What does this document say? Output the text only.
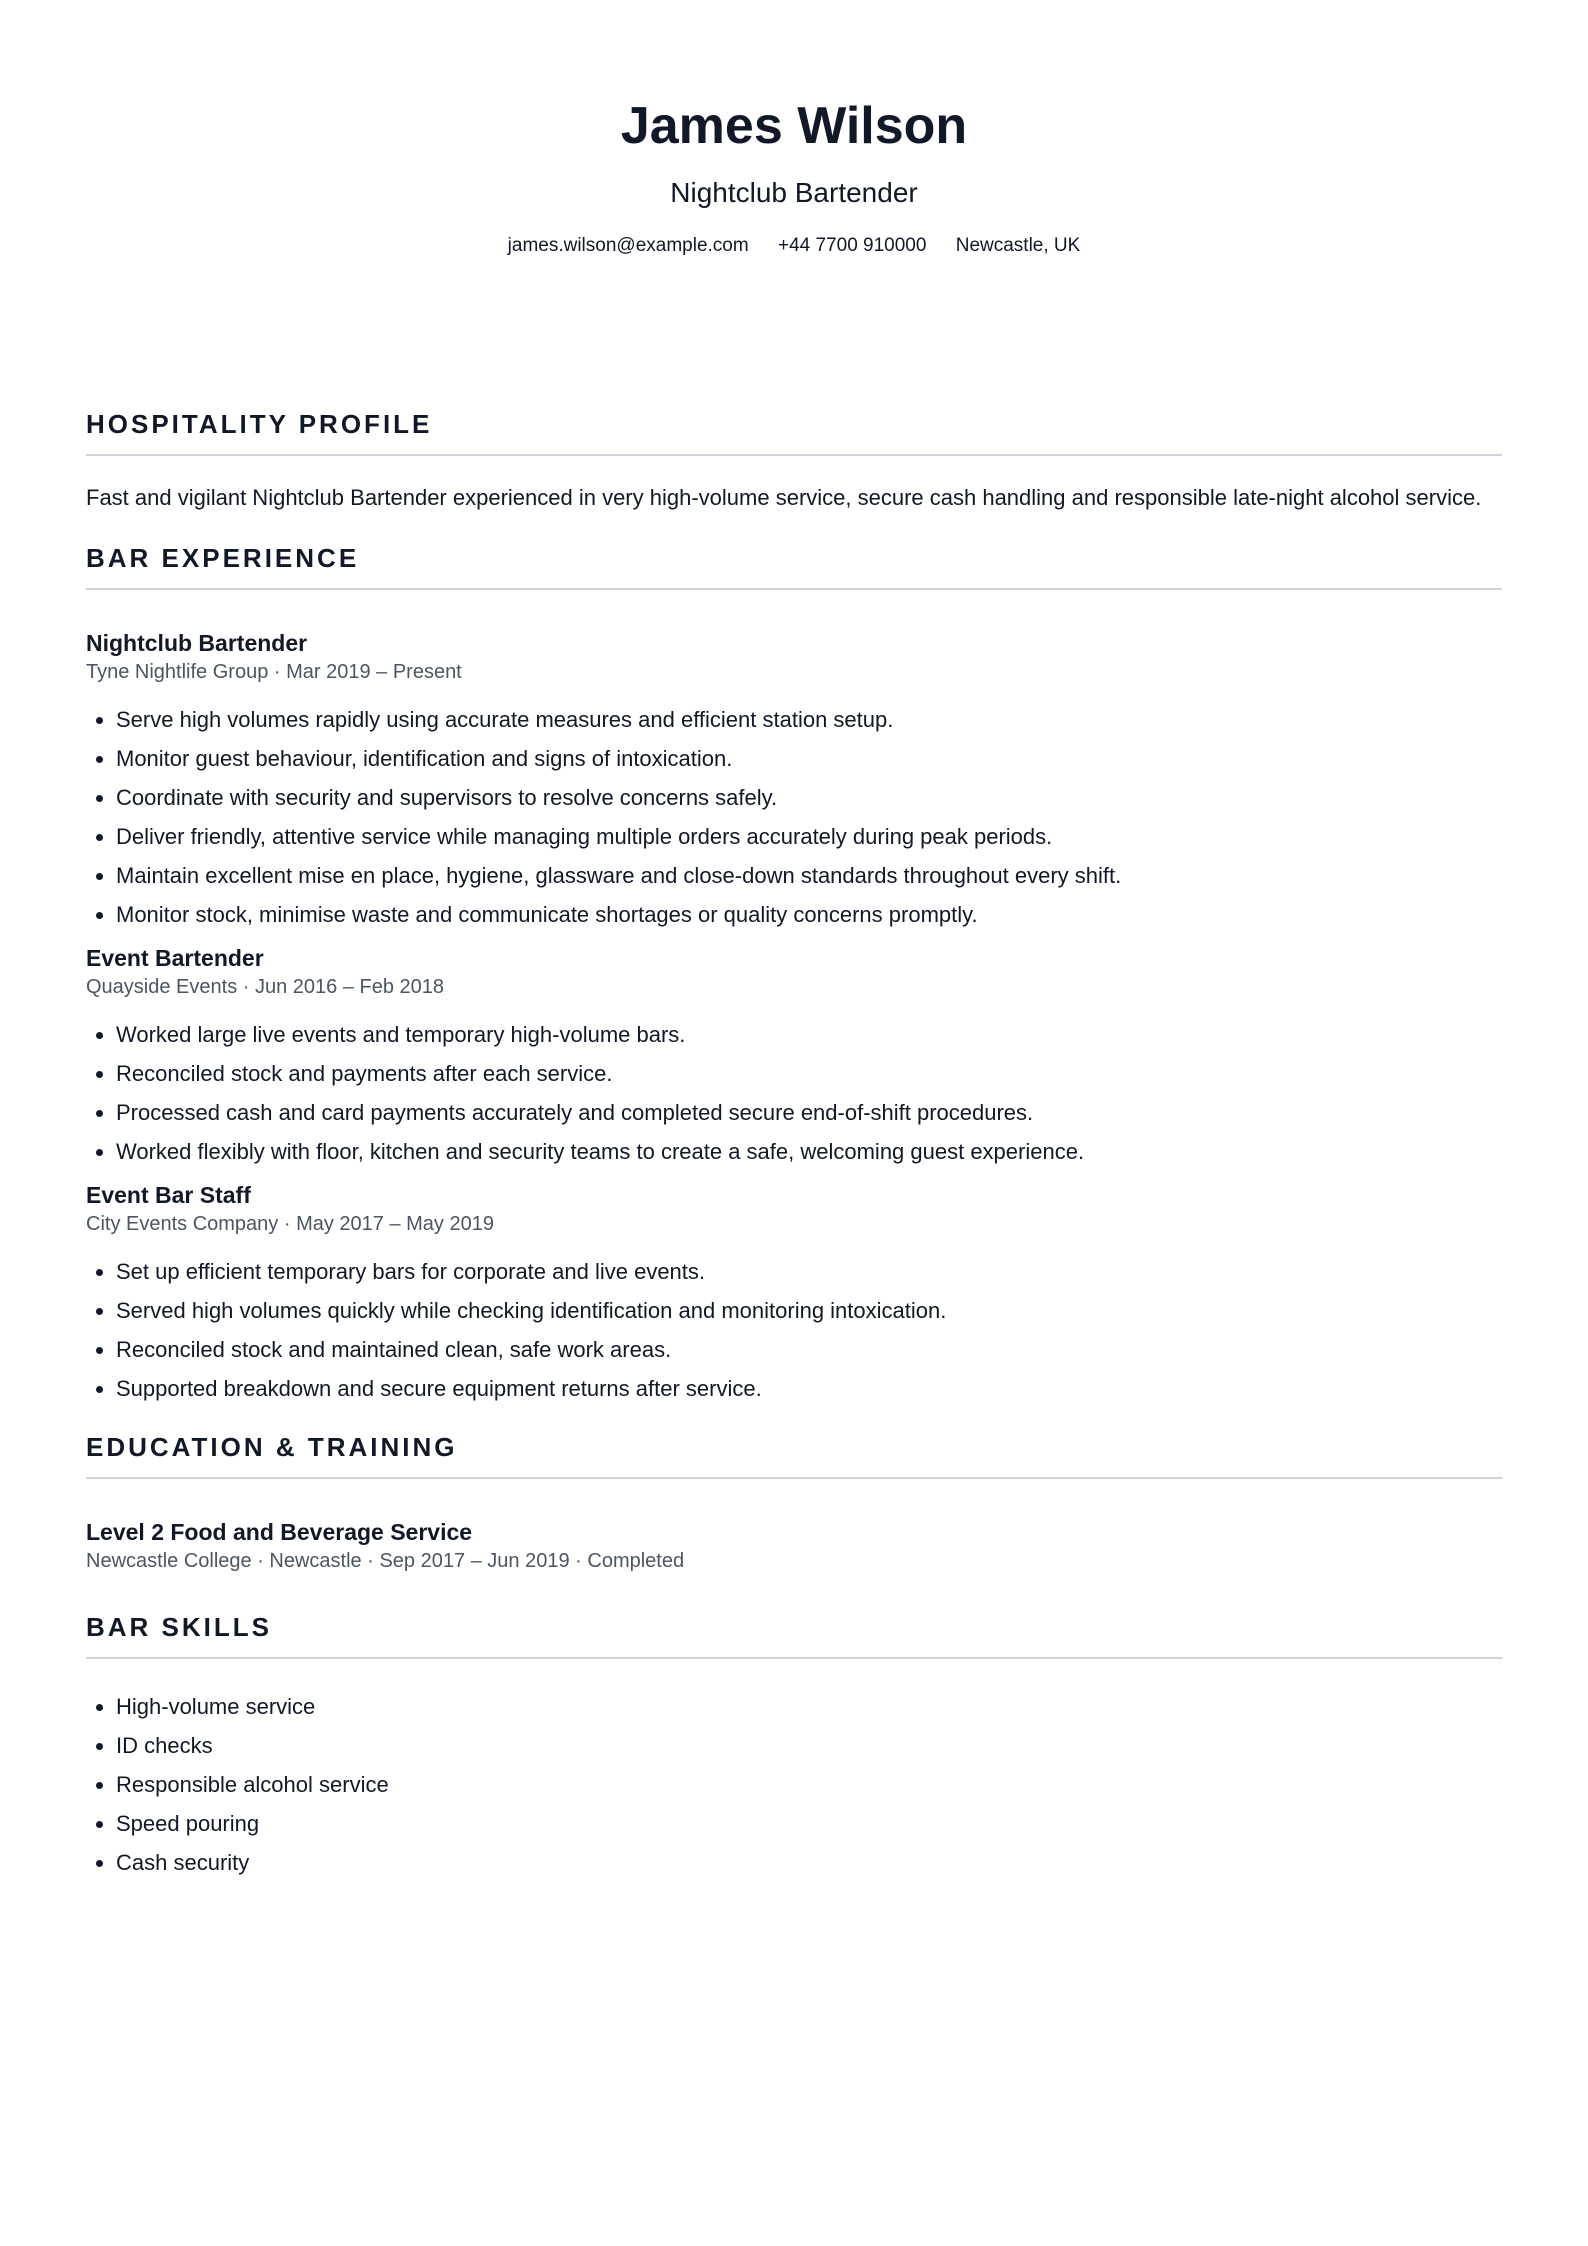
James Wilson
Nightclub Bartender
james.wilson@example.com +44 7700 910000 Newcastle, UK
HOSPITALITY PROFILE
Fast and vigilant Nightclub Bartender experienced in very high-volume service, secure cash handling and responsible late-night alcohol service.
BAR EXPERIENCE
Nightclub Bartender
Tyne Nightlife Group · Mar 2019 – Present
• Serve high volumes rapidly using accurate measures and efficient station setup.
• Monitor guest behaviour, identification and signs of intoxication.
• Coordinate with security and supervisors to resolve concerns safely.
• Deliver friendly, attentive service while managing multiple orders accurately during peak periods.
• Maintain excellent mise en place, hygiene, glassware and close-down standards throughout every shift.
• Monitor stock, minimise waste and communicate shortages or quality concerns promptly.
Event Bartender
Quayside Events · Jun 2016 – Feb 2018
• Worked large live events and temporary high-volume bars.
• Reconciled stock and payments after each service.
• Processed cash and card payments accurately and completed secure end-of-shift procedures.
• Worked flexibly with floor, kitchen and security teams to create a safe, welcoming guest experience.
Event Bar Staff
City Events Company · May 2017 – May 2019
• Set up efficient temporary bars for corporate and live events.
• Served high volumes quickly while checking identification and monitoring intoxication.
• Reconciled stock and maintained clean, safe work areas.
• Supported breakdown and secure equipment returns after service.
EDUCATION & TRAINING
Level 2 Food and Beverage Service
Newcastle College · Newcastle · Sep 2017 – Jun 2019 · Completed
BAR SKILLS
• High-volume service
• ID checks
• Responsible alcohol service
• Speed pouring
• Cash security
